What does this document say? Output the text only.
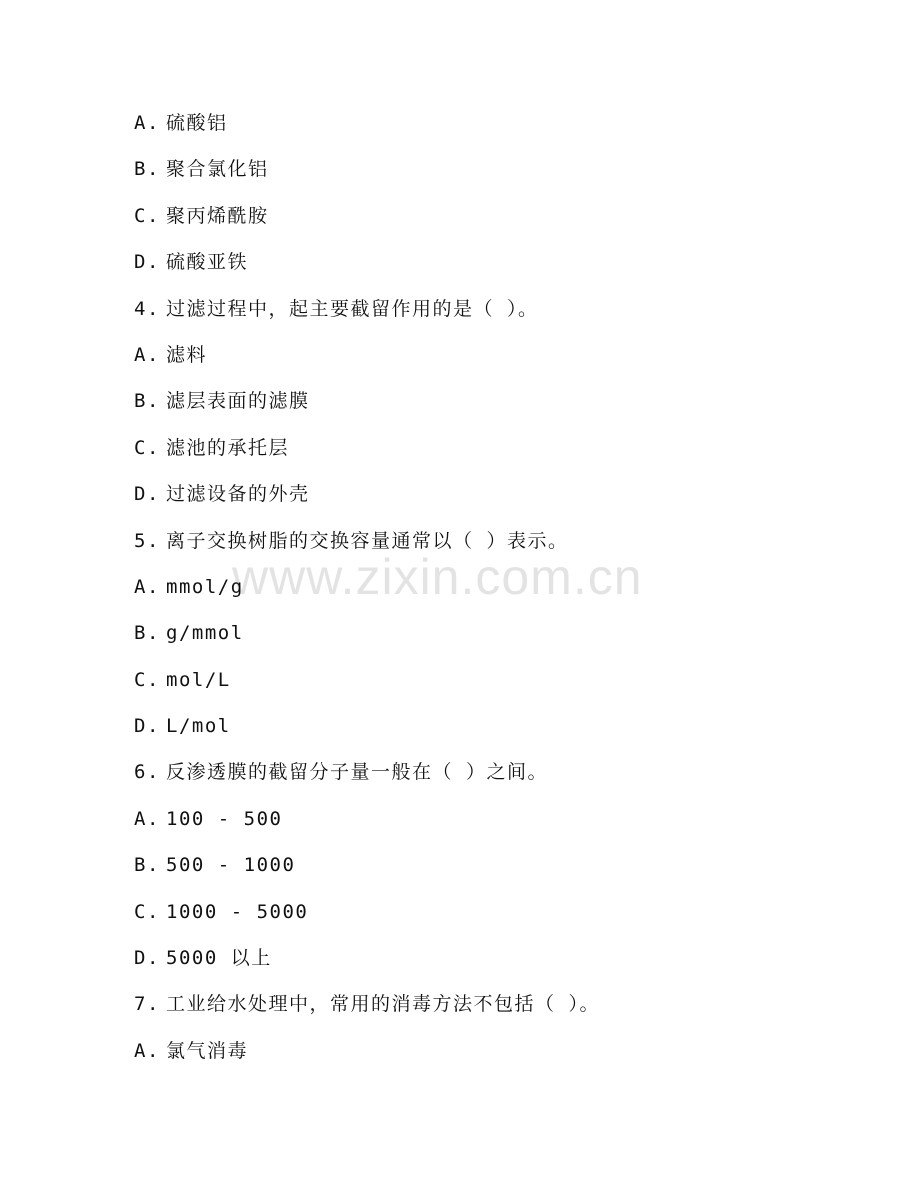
A. 硫酸铝
B. 聚合氯化铝
C. 聚丙烯酰胺
D. 硫酸亚铁
4. 过滤过程中，起主要截留作用的是（ ）。
A. 滤料
B. 滤层表面的滤膜
C. 滤池的承托层
D. 过滤设备的外壳
5. 离子交换树脂的交换容量通常以（ ）表示。
A. mmol/g
B. g/mmol
C. mol/L
D. L/mol
6. 反渗透膜的截留分子量一般在（ ）之间。
A. 100 - 500
B. 500 - 1000
C. 1000 - 5000
D. 5000 以上
7. 工业给水处理中，常用的消毒方法不包括（ ）。
A. 氯气消毒
www.zixin.com.cn
